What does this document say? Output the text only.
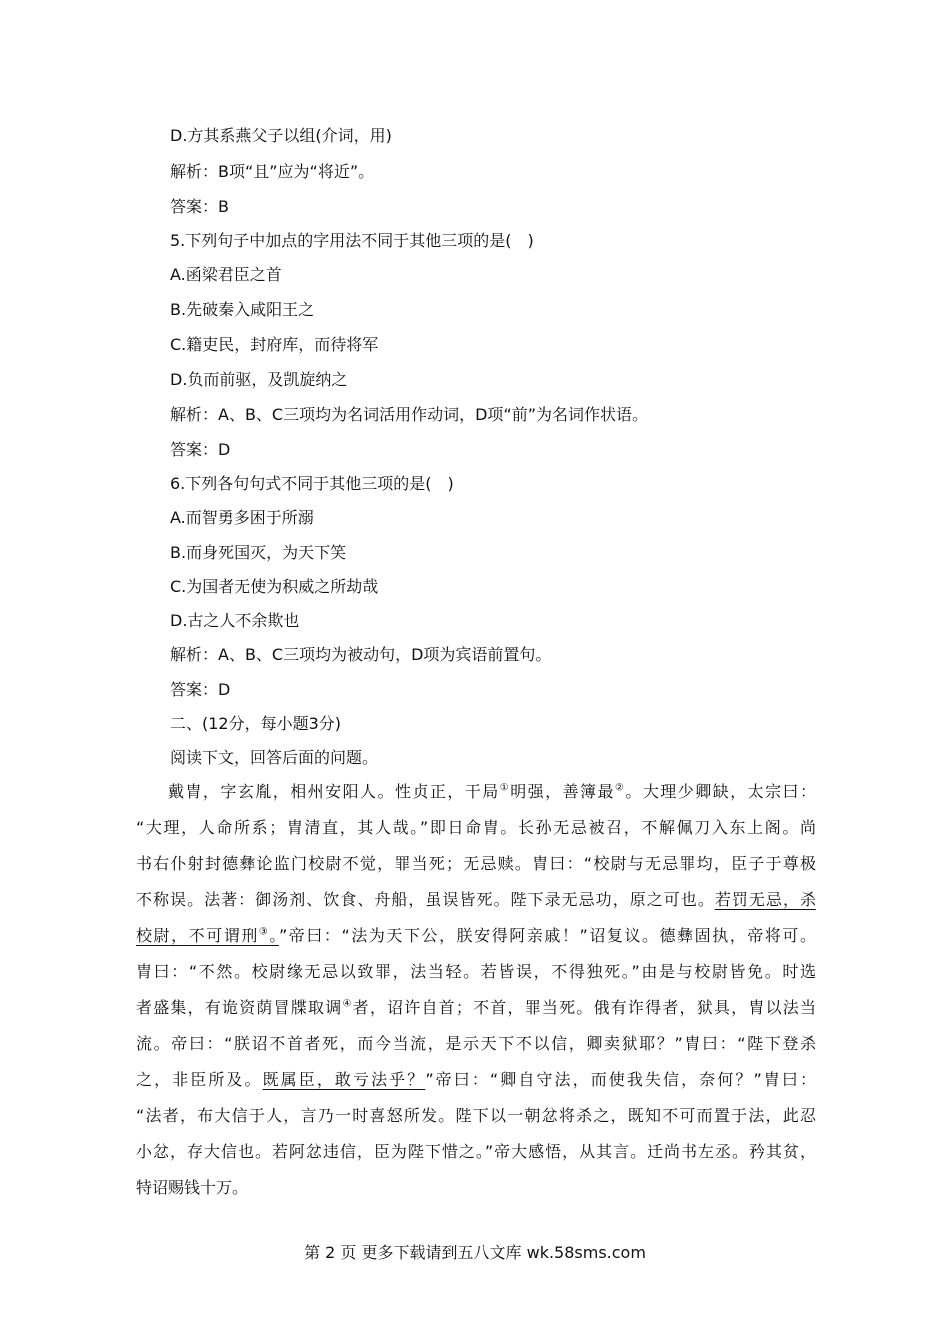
D.方其系燕父子以组(介词，用)
解析：B项“且”应为“将近”。
答案：B
5.下列句子中加点的字用法不同于其他三项的是(　)
A.函梁君臣之首
B.先破秦入咸阳王之
C.籍吏民，封府库，而待将军
D.负而前驱，及凯旋纳之
解析：A、B、C三项均为名词活用作动词，D项“前”为名词作状语。
答案：D
6.下列各句句式不同于其他三项的是(　)
A.而智勇多困于所溺
B.而身死国灭，为天下笑
C.为国者无使为积威之所劫哉
D.古之人不余欺也
解析：A、B、C三项均为被动句，D项为宾语前置句。
答案：D
二、(12分，每小题3分)
阅读下文，回答后面的问题。
戴胄，字玄胤，相州安阳人。性贞正，干局①明强，善簿最②。大理少卿缺，太宗曰：
“大理，人命所系；胄清直，其人哉。”即日命胄。长孙无忌被召，不解佩刀入东上阁。尚
书右仆射封德彝论监门校尉不觉，罪当死；无忌赎。胄曰：“校尉与无忌罪均，臣子于尊极
不称误。法著：御汤剂、饮食、舟船，虽误皆死。陛下录无忌功，原之可也。若罚无忌，杀
校尉，不可谓刑③。”帝曰：“法为天下公，朕安得阿亲戚！”诏复议。德彝固执，帝将可。
胄曰：“不然。校尉缘无忌以致罪，法当轻。若皆误，不得独死。”由是与校尉皆免。时选
者盛集，有诡资荫冒牒取调④者，诏许自首；不首，罪当死。俄有诈得者，狱具，胄以法当
流。帝曰：“朕诏不首者死，而今当流，是示天下不以信，卿卖狱耶？”胄曰：“陛下登杀
之，非臣所及。既属臣，敢亏法乎？”帝曰：“卿自守法，而使我失信，奈何？”胄曰：
“法者，布大信于人，言乃一时喜怒所发。陛下以一朝忿将杀之，既知不可而置于法，此忍
小忿，存大信也。若阿忿违信，臣为陛下惜之。”帝大感悟，从其言。迁尚书左丞。矜其贫，
特诏赐钱十万。
第 2 页 更多下载请到五八文库 wk.58sms.com
